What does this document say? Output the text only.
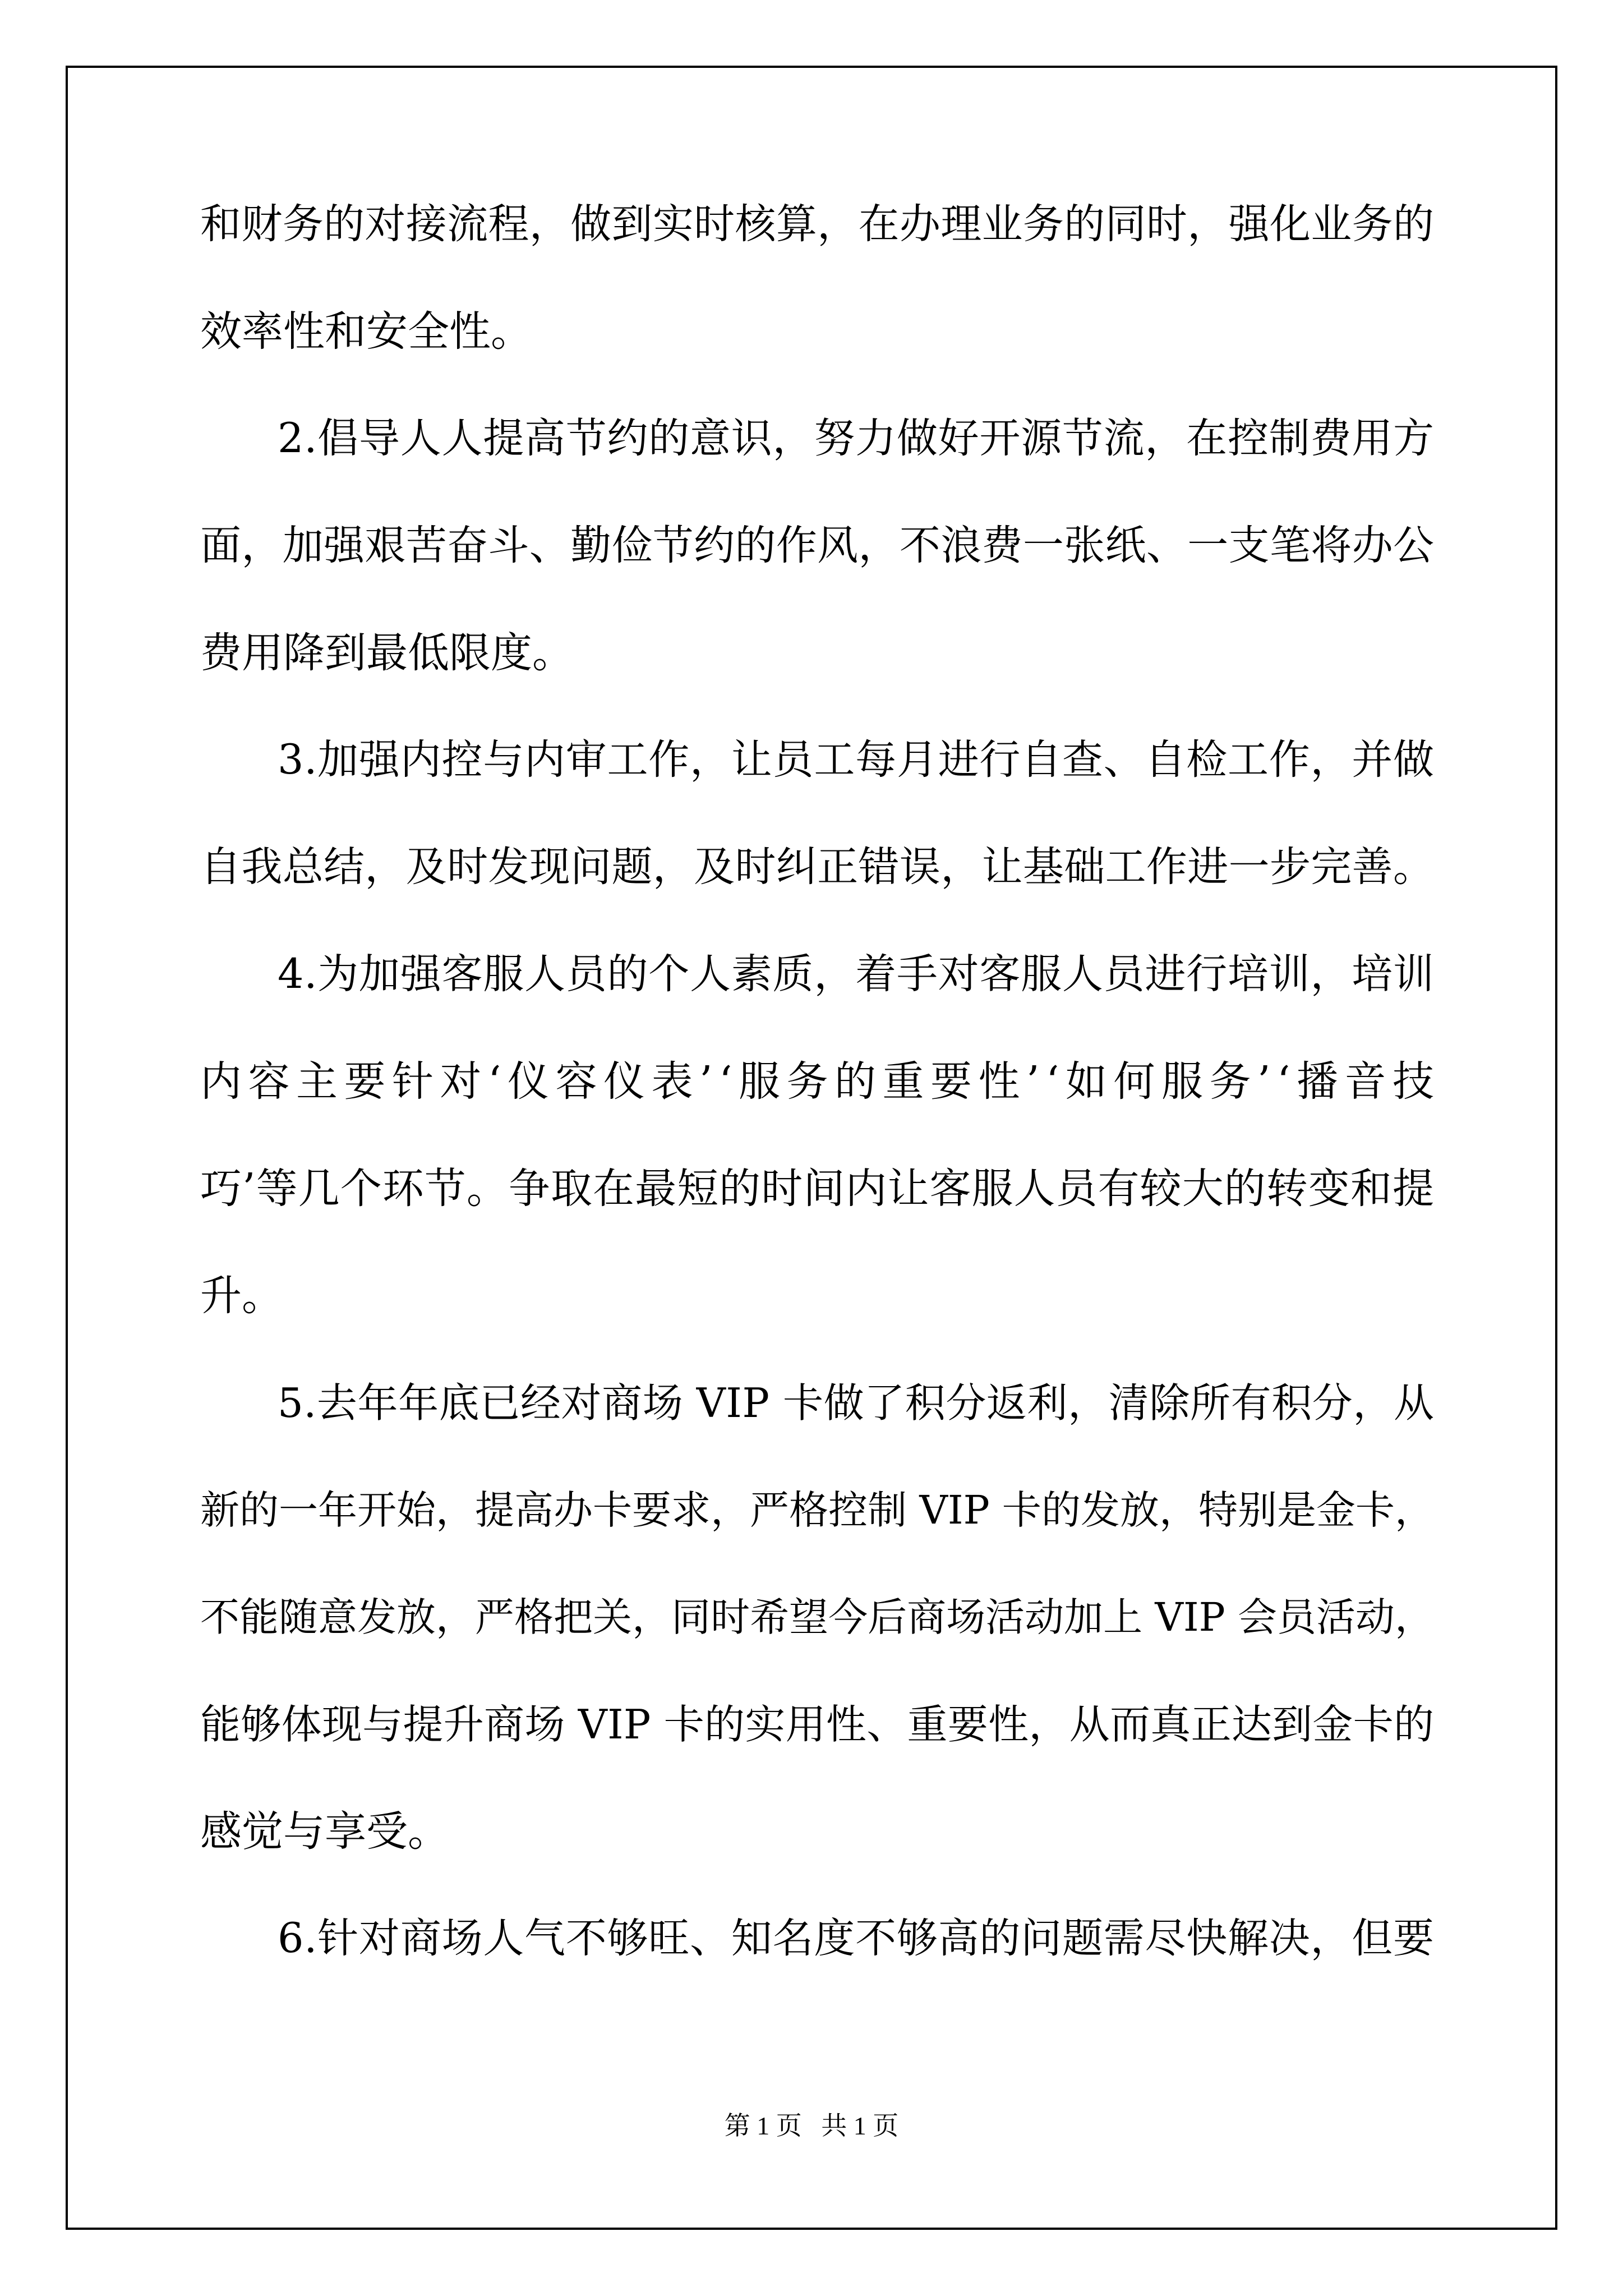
和财务的对接流程，做到实时核算，在办理业务的同时，强化业务的
效率性和安全性。
2.倡导人人提高节约的意识，努力做好开源节流，在控制费用方
面，加强艰苦奋斗、勤俭节约的作风，不浪费一张纸、一支笔将办公
费用降到最低限度。
3.加强内控与内审工作，让员工每月进行自查、自检工作，并做
自我总结，及时发现问题，及时纠正错误，让基础工作进一步完善。
4.为加强客服人员的个人素质，着手对客服人员进行培训，培训
内容主要针对‘仪容仪表’‘服务的重要性’‘如何服务’‘播音技
巧’等几个环节。争取在最短的时间内让客服人员有较大的转变和提
升。
5.去年年底已经对商场 VIP 卡做了积分返利，清除所有积分，从
新的一年开始，提高办卡要求，严格控制 VIP 卡的发放，特别是金卡，
不能随意发放，严格把关，同时希望今后商场活动加上 VIP 会员活动，
能够体现与提升商场 VIP 卡的实用性、重要性，从而真正达到金卡的
感觉与享受。
6.针对商场人气不够旺、知名度不够高的问题需尽快解决，但要
第 1 页   共 1 页
